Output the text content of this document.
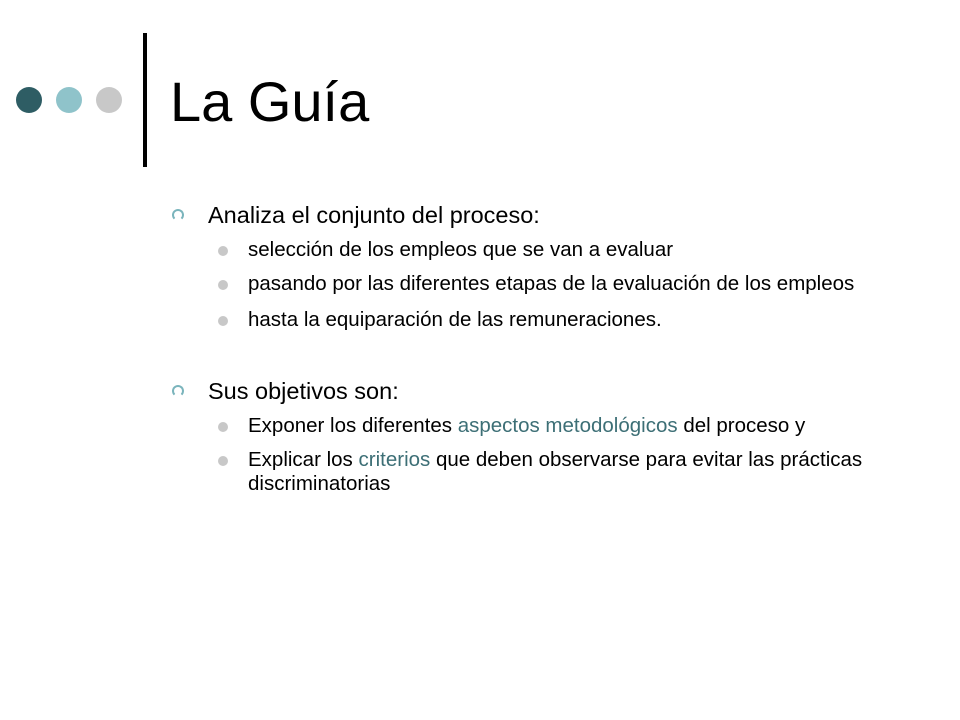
La Guía
Analiza el conjunto del proceso:
selección de los empleos que se van a evaluar
pasando por las diferentes etapas de la evaluación de los empleos
hasta la equiparación de las remuneraciones.
Sus objetivos son:
Exponer los diferentes aspectos metodológicos del proceso y
Explicar los criterios que deben observarse para evitar las prácticas discriminatorias
